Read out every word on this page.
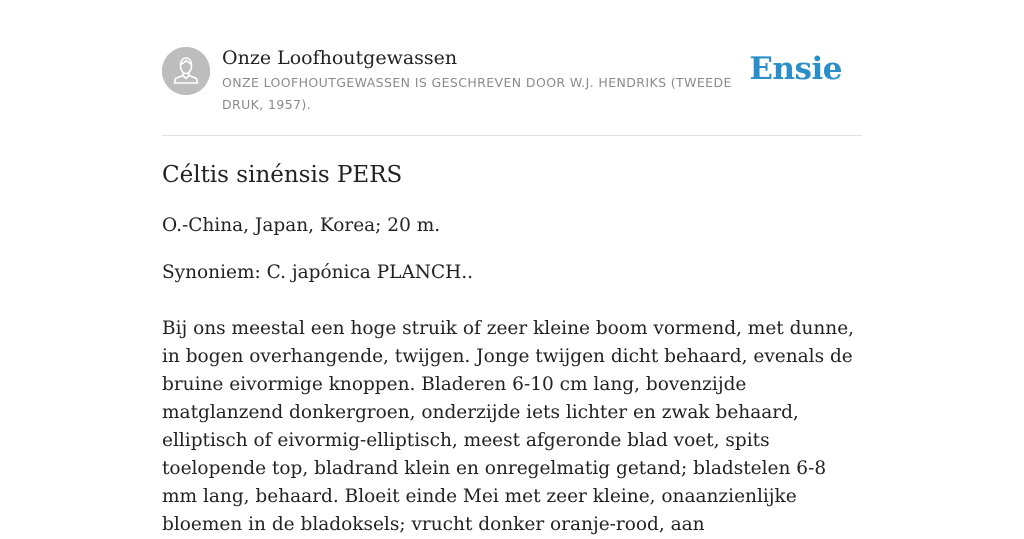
Onze Loofhoutgewassen
ONZE LOOFHOUTGEWASSEN IS GESCHREVEN DOOR W.J. HENDRIKS (TWEEDE DRUK, 1957).
Ensie
Céltis sinénsis PERS
O.-China, Japan, Korea; 20 m.
Synoniem: C. japónica PLANCH..
Bij ons meestal een hoge struik of zeer kleine boom vormend, met dunne, in bogen overhangende, twijgen. Jonge twijgen dicht behaard, evenals de bruine eivormige knoppen. Bladeren 6-10 cm lang, bovenzijde matglanzend donkergroen, onderzijde iets lichter en zwak behaard, elliptisch of eivormig-elliptisch, meest afgeronde blad voet, spits toelopende top, bladrand klein en onregelmatig getand; bladstelen 6-8 mm lang, behaard. Bloeit einde Mei met zeer kleine, onaanzienlijke bloemen in de bladoksels; vrucht donker oranje-rood, aan
